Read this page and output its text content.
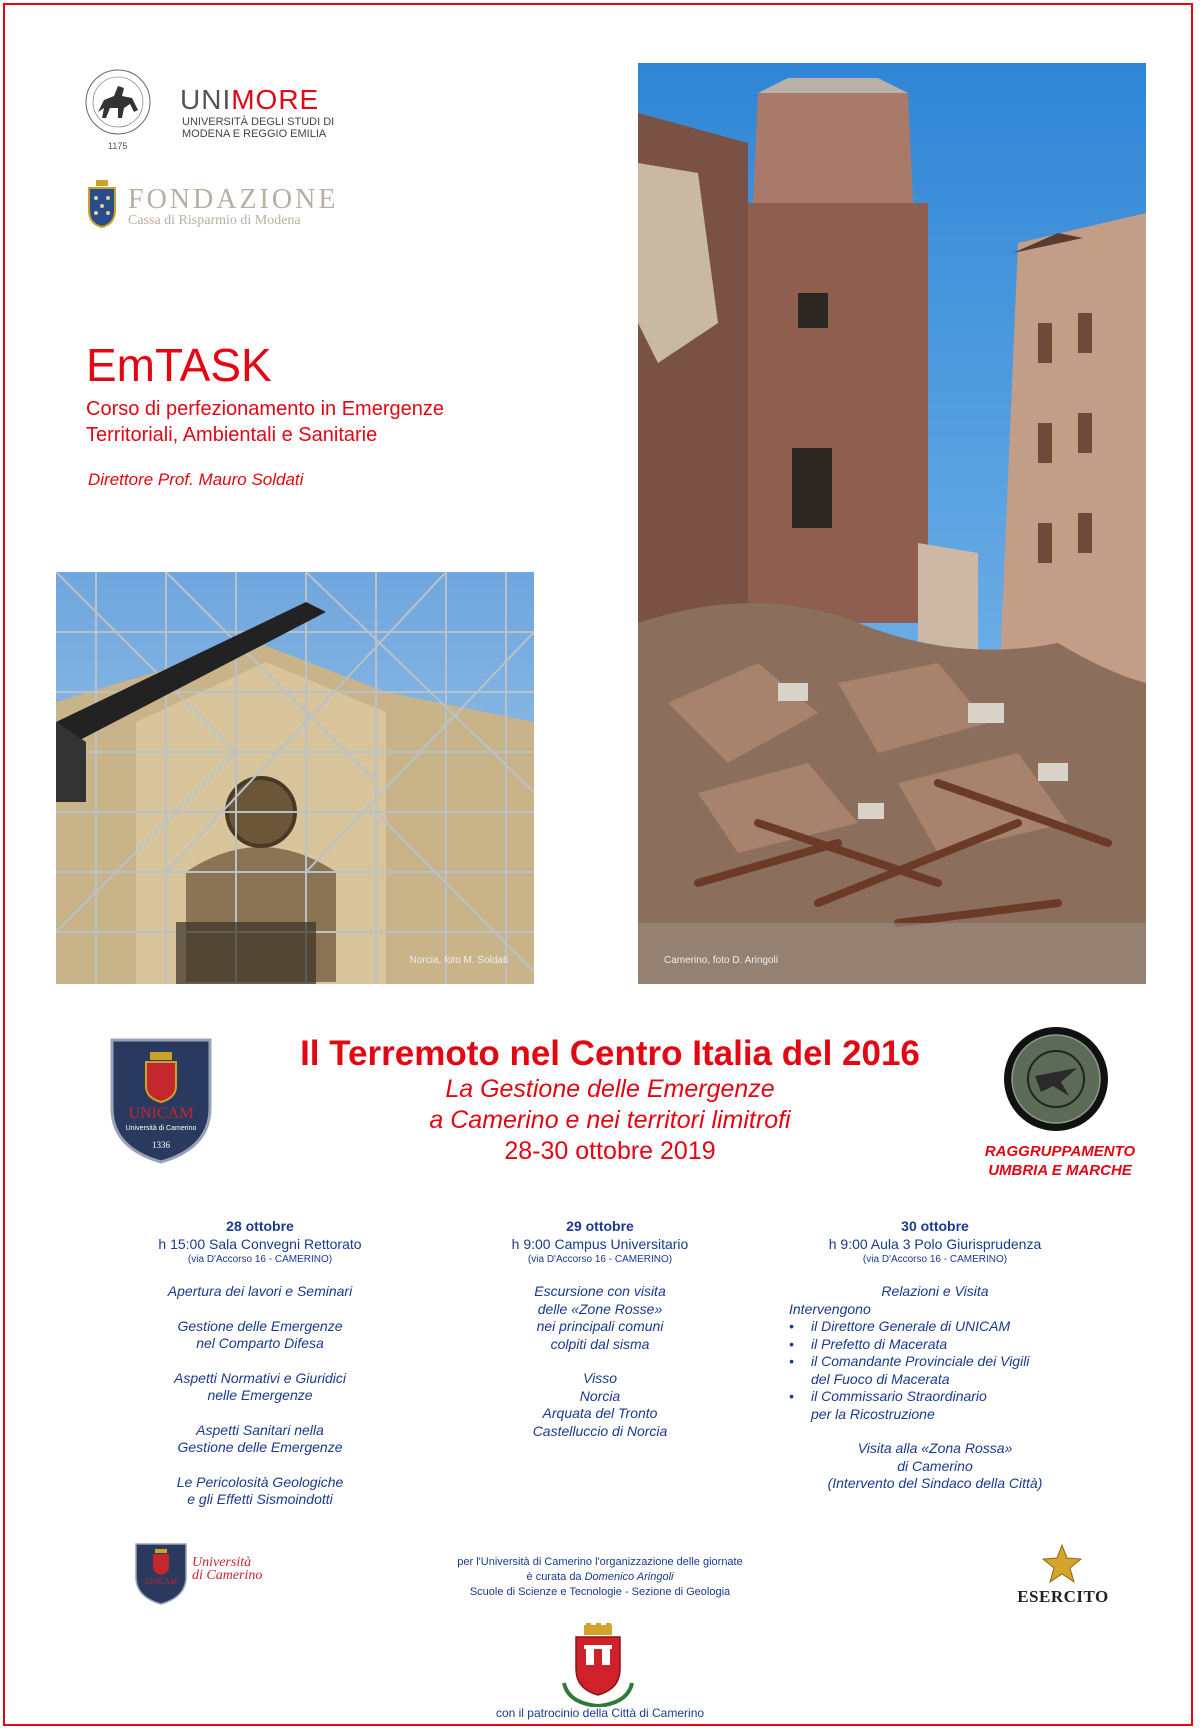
1175
UNIMORE
UNIVERSITÀ DEGLI STUDI DI
MODENA E REGGIO EMILIA
FONDAZIONE
Cassa di Risparmio di Modena
EmTASK
Corso di perfezionamento in Emergenze
Territoriali, Ambientali e Sanitarie
Direttore Prof. Mauro Soldati
Norcia, foto M. Soldati	Camerino, foto D. Aringoli
UNICAM
Università di Camerino
1336
Il Terremoto nel Centro Italia del 2016
La Gestione delle Emergenze
a Camerino e nei territori limitrofi
28-30 ottobre 2019	RAGGRUPPAMENTO
UMBRIA E MARCHE
28 ottobre
h 15:00 Sala Convegni Rettorato
(via D'Accorso 16 - CAMERINO)
Apertura dei lavori e Seminari
Gestione delle Emergenze
nel Comparto Difesa
Aspetti Normativi e Giuridici
nelle Emergenze
Aspetti Sanitari nella
Gestione delle Emergenze
Le Pericolosità Geologiche
e gli Effetti Sismoindotti
29 ottobre
h 9:00 Campus Universitario
(via D'Accorso 16 - CAMERINO)
Escursione con visita
delle «Zone Rosse»
nei principali comuni
colpiti dal sisma
Visso
Norcia
Arquata del Tronto
Castelluccio di Norcia
30 ottobre
h 9:00 Aula 3 Polo Giurisprudenza
(via D'Accorso 16 - CAMERINO)
Relazioni e Visita
Intervengono
• il Direttore Generale di UNICAM
• il Prefetto di Macerata
• il Comandante Provinciale dei Vigili
del Fuoco di Macerata
• il Commissario Straordinario
per la Ricostruzione
Visita alla «Zona Rossa»
di Camerino
(Intervento del Sindaco della Città)
UNICAM
Università
di Camerino
per l'Università di Camerino l'organizzazione delle giornate
è curata da Domenico Aringoli
Scuole di Scienze e Tecnologie - Sezione di Geologia	ESERCITO
con il patrocinio della Città di Camerino
